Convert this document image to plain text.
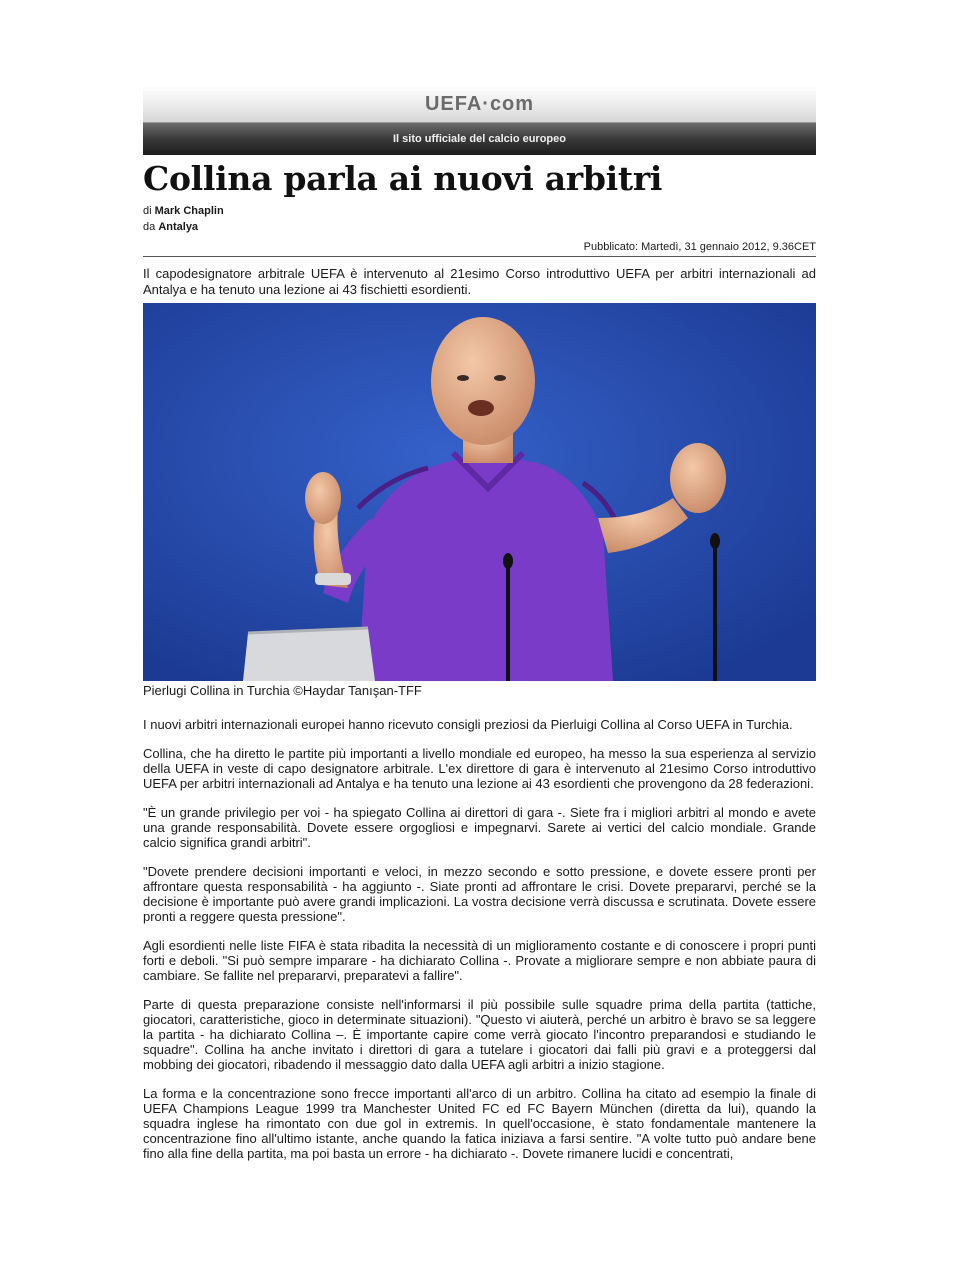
UEFA·com
Il sito ufficiale del calcio europeo
Collina parla ai nuovi arbitri
di Mark Chaplin
da Antalya
Pubblicato: Martedì, 31 gennaio 2012, 9.36CET
Il capodesignatore arbitrale UEFA è intervenuto al 21esimo Corso introduttivo UEFA per arbitri internazionali ad Antalya e ha tenuto una lezione ai 43 fischietti esordienti.
Pierlugi Collina in Turchia ©Haydar Tanışan-TFF

I nuovi arbitri internazionali europei hanno ricevuto consigli preziosi da Pierluigi Collina al Corso UEFA in Turchia.

Collina, che ha diretto le partite più importanti a livello mondiale ed europeo, ha messo la sua esperienza al servizio della UEFA in veste di capo designatore arbitrale. L'ex direttore di gara è intervenuto al 21esimo Corso introduttivo UEFA per arbitri internazionali ad Antalya e ha tenuto una lezione ai 43 esordienti che provengono da 28 federazioni.

"È un grande privilegio per voi - ha spiegato Collina ai direttori di gara -. Siete fra i migliori arbitri al mondo e avete una grande responsabilità. Dovete essere orgogliosi e impegnarvi. Sarete ai vertici del calcio mondiale. Grande calcio significa grandi arbitri".

"Dovete prendere decisioni importanti e veloci, in mezzo secondo e sotto pressione, e dovete essere pronti per affrontare questa responsabilità - ha aggiunto -. Siate pronti ad affrontare le crisi. Dovete prepararvi, perché se la decisione è importante può avere grandi implicazioni. La vostra decisione verrà discussa e scrutinata. Dovete essere pronti a reggere questa pressione".

Agli esordienti nelle liste FIFA è stata ribadita la necessità di un miglioramento costante e di conoscere i propri punti forti e deboli. "Si può sempre imparare - ha dichiarato Collina -. Provate a migliorare sempre e non abbiate paura di cambiare. Se fallite nel prepararvi, preparatevi a fallire".

Parte di questa preparazione consiste nell'informarsi il più possibile sulle squadre prima della partita (tattiche, giocatori, caratteristiche, gioco in determinate situazioni). "Questo vi aiuterà, perché un arbitro è bravo se sa leggere la partita - ha dichiarato Collina –. È importante capire come verrà giocato l'incontro preparandosi e studiando le squadre". Collina ha anche invitato i direttori di gara a tutelare i giocatori dai falli più gravi e a proteggersi dal mobbing dei giocatori, ribadendo il messaggio dato dalla UEFA agli arbitri a inizio stagione.

La forma e la concentrazione sono frecce importanti all'arco di un arbitro. Collina ha citato ad esempio la finale di UEFA Champions League 1999 tra Manchester United FC ed FC Bayern München (diretta da lui), quando la squadra inglese ha rimontato con due gol in extremis. In quell'occasione, è stato fondamentale mantenere la concentrazione fino all'ultimo istante, anche quando la fatica iniziava a farsi sentire. "A volte tutto può andare bene fino alla fine della partita, ma poi basta un errore - ha dichiarato -. Dovete rimanere lucidi e concentrati,
